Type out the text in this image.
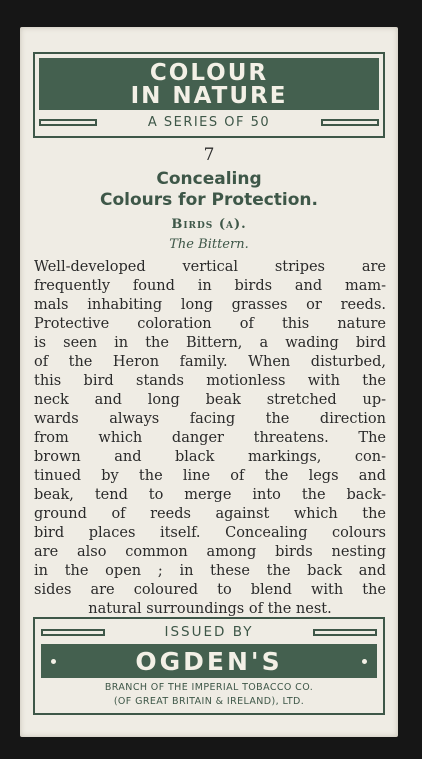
COLOUR
IN NATURE
A SERIES OF 50
7
Concealing
Colours for Protection.
Birds (a).
The Bittern.
Well-developed vertical stripes are
frequently found in birds and mam-
mals inhabiting long grasses or reeds.
Protective coloration of this nature
is seen in the Bittern, a wading bird
of the Heron family. When disturbed,
this bird stands motionless with the
neck and long beak stretched up-
wards always facing the direction
from which danger threatens. The
brown and black markings, con-
tinued by the line of the legs and
beak, tend to merge into the back-
ground of reeds against which the
bird places itself. Concealing colours
are also common among birds nesting
in the open ; in these the back and
sides are coloured to blend with the
natural surroundings of the nest.
ISSUED BY
OGDEN'S
BRANCH OF THE IMPERIAL TOBACCO CO.
(OF GREAT BRITAIN & IRELAND), LTD.
